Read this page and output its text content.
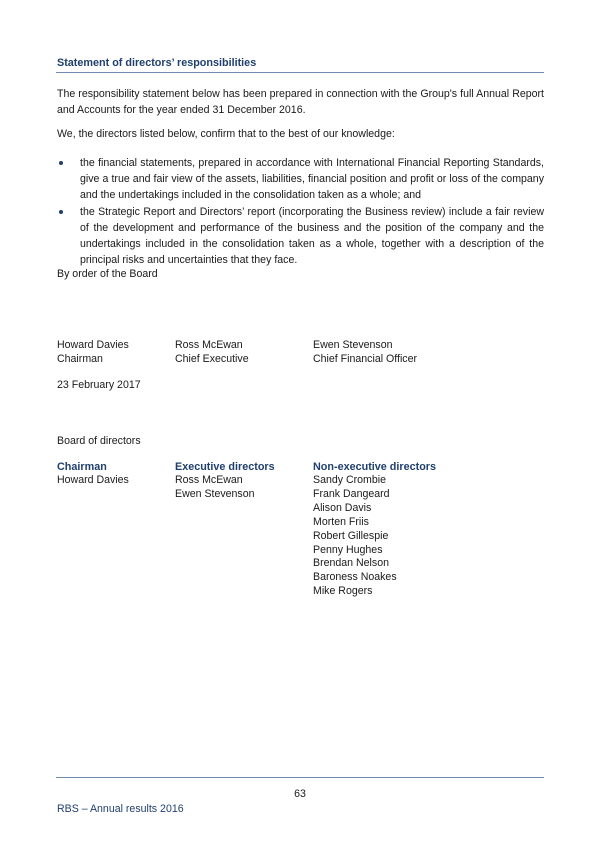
Statement of directors’ responsibilities

The responsibility statement below has been prepared in connection with the Group's full Annual Report and Accounts for the year ended 31 December 2016.

We, the directors listed below, confirm that to the best of our knowledge:

the financial statements, prepared in accordance with International Financial Reporting Standards, give a true and fair view of the assets, liabilities, financial position and profit or loss of the company and the undertakings included in the consolidation taken as a whole; and
the Strategic Report and Directors’ report (incorporating the Business review) include a fair review of the development and performance of the business and the position of the company and the undertakings included in the consolidation taken as a whole, together with a description of the principal risks and uncertainties that they face.
By order of the Board
Howard Davies
Chairman
Ross McEwan
Chief Executive
Ewen Stevenson
Chief Financial Officer
23 February 2017
Board of directors
Chairman
Howard Davies
Executive directors
Ross McEwan
Ewen Stevenson
Non-executive directors
Sandy Crombie
Frank Dangeard
Alison Davis
Morten Friis
Robert Gillespie
Penny Hughes
Brendan Nelson
Baroness Noakes
Mike Rogers
63
RBS – Annual results 2016
